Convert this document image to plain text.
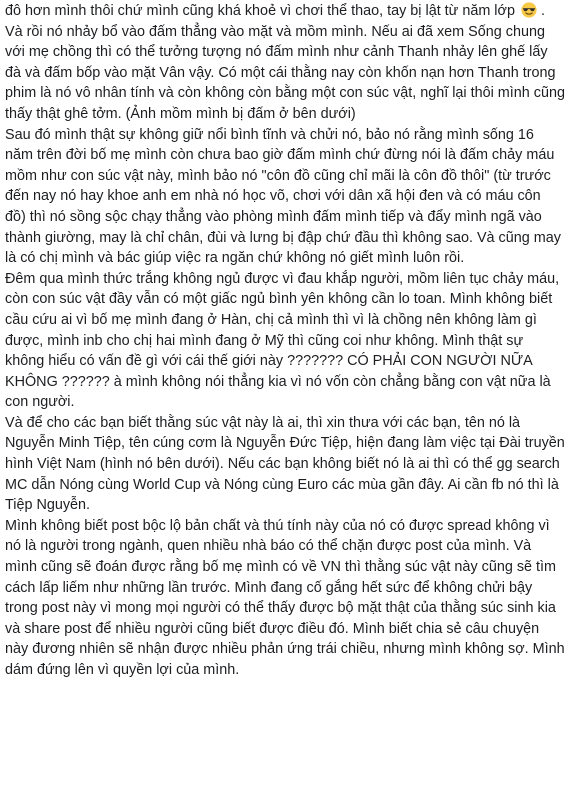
đô hơn mình thôi chứ mình cũng khá khoẻ vì chơi thể thao, tay bị lật từ năm lớp  . Và rồi nó nhảy bổ vào đấm thẳng vào mặt và mồm mình. Nếu ai đã xem Sống chung với mẹ chồng thì có thể tưởng tượng nó đấm mình như cảnh Thanh nhảy lên ghế lấy đà và đấm bốp vào mặt Vân vậy. Có một cái thằng nay còn khốn nạn hơn Thanh trong phim là nó vô nhân tính và còn không còn bằng một con súc vật, nghĩ lại thôi mình cũng thấy thật ghê tởm. (Ảnh mồm mình bị đấm ở bên dưới)

Sau đó mình thật sự không giữ nổi bình tĩnh và chửi nó, bảo nó rằng mình sống 16 năm trên đời bố mẹ mình còn chưa bao giờ đấm mình chứ đừng nói là đấm chảy máu mồm như con súc vật này, mình bảo nó "côn đồ cũng chỉ mãi là côn đồ thôi" (từ trước đến nay nó hay khoe anh em nhà nó học võ, chơi với dân xã hội đen và có máu côn đồ) thì nó sồng sộc chạy thẳng vào phòng mình đấm mình tiếp và đẩy mình ngã vào thành giường, may là chỉ chân, đùi và lưng bị đập chứ đầu thì không sao. Và cũng may là có chị mình và bác giúp việc ra ngăn chứ không nó giết mình luôn rồi.

Đêm qua mình thức trắng không ngủ được vì đau khắp người, mồm liên tục chảy máu, còn con súc vật đầy vẫn có một giấc ngủ bình yên không cần lo toan. Mình không biết cầu cứu ai vì bố mẹ mình đang ở Hàn, chị cả mình thì vì là chồng nên không làm gì được, mình inb cho chị hai mình đang ở Mỹ thì cũng coi như không. Mình thật sự không hiểu có vấn đề gì với cái thế giới này ??????? CÓ PHẢI CON NGƯỜI NỮA KHÔNG ?????? à mình không nói thẳng kia vì nó vốn còn chẳng bằng con vật nữa là con người.

Và để cho các bạn biết thằng súc vật này là ai, thì xin thưa với các bạn, tên nó là Nguyễn Minh Tiệp, tên cúng cơm là Nguyễn Đức Tiệp, hiện đang làm việc tại Đài truyền hình Việt Nam (hình nó bên dưới). Nếu các bạn không biết nó là ai thì có thể gg search MC dẫn Nóng cùng World Cup và Nóng cùng Euro các mùa gần đây. Ai cần fb nó thì là Tiệp Nguyễn.

Mình không biết post bộc lộ bản chất và thú tính này của nó có được spread không vì nó là người trong ngành, quen nhiều nhà báo có thể chặn được post của mình. Và mình cũng sẽ đoán được rằng bố mẹ mình có về VN thì thằng súc vật này cũng sẽ tìm cách lấp liếm như những lần trước. Mình đang cố gắng hết sức để không chửi bậy trong post này vì mong mọi người có thể thấy được bộ mặt thật của thằng súc sinh kia và share post để nhiều người cũng biết được điều đó. Mình biết chia sẻ câu chuyện này đương nhiên sẽ nhận được nhiều phản ứng trái chiều, nhưng mình không sợ. Mình dám đứng lên vì quyền lợi của mình.
